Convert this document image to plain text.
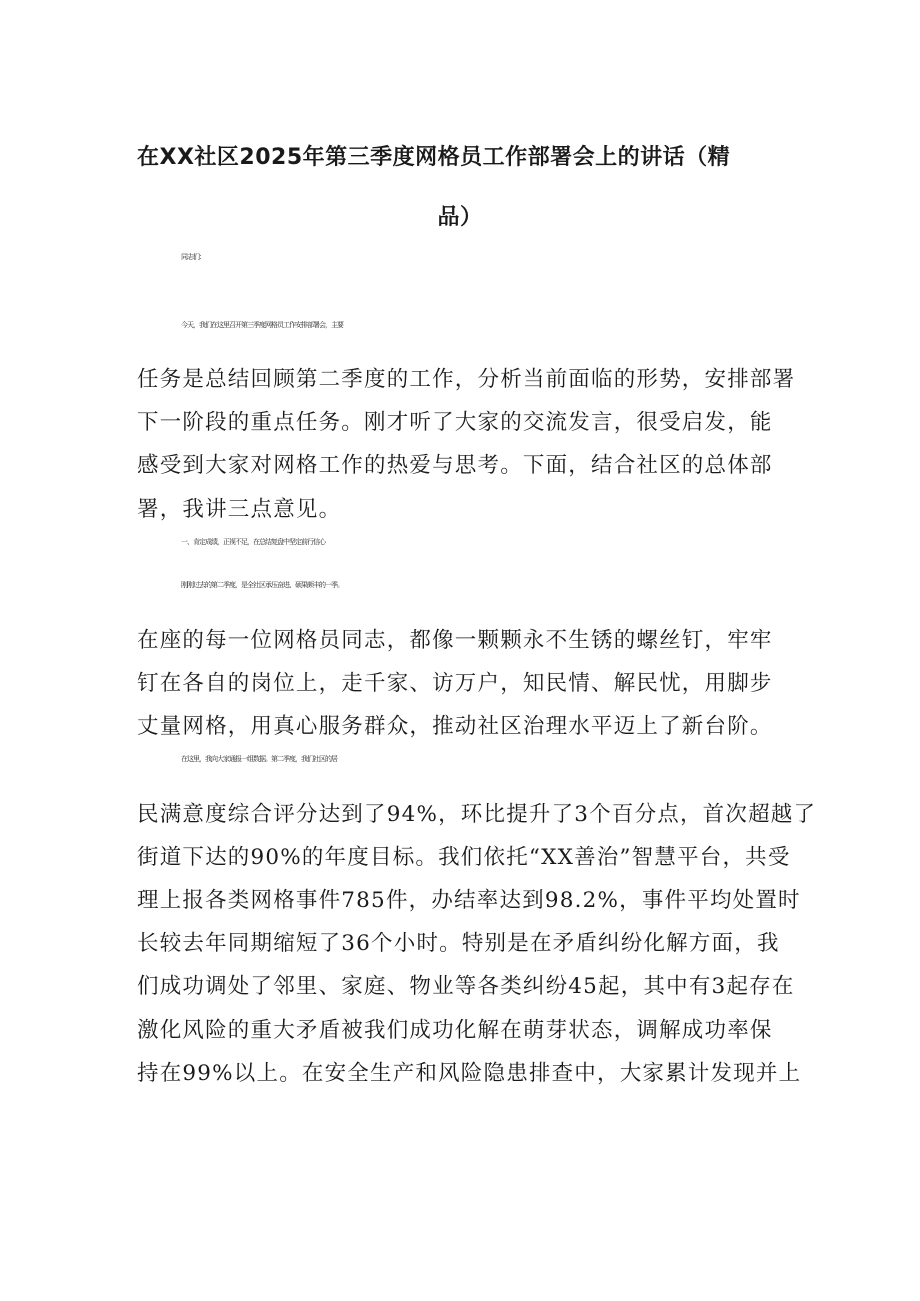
在XX社区2025年第三季度网格员工作部署会上的讲话（精
品）

同志们：

今天，我们在这里召开第三季度网格员工作安排部署会，主要

任务是总结回顾第二季度的工作，分析当前面临的形势，安排部署

下一阶段的重点任务。刚才听了大家的交流发言，很受启发，能

感受到大家对网格工作的热爱与思考。下面，结合社区的总体部

署，我讲三点意见。

一、肯定成绩，正视不足，在总结复盘中坚定前行信心

刚刚过去的第二季度，是全社区承压奋进、硕果颇丰的一季。

在座的每一位网格员同志，都像一颗颗永不生锈的螺丝钉，牢牢

钉在各自的岗位上，走千家、访万户，知民情、解民忧，用脚步

丈量网格，用真心服务群众，推动社区治理水平迈上了新台阶。

在这里，我向大家通报一组数据。第二季度，我们社区的居

民满意度综合评分达到了94%，环比提升了3个百分点，首次超越了

街道下达的90%的年度目标。我们依托“XX善治”智慧平台，共受

理上报各类网格事件785件，办结率达到98.2%，事件平均处置时

长较去年同期缩短了36个小时。特别是在矛盾纠纷化解方面，我

们成功调处了邻里、家庭、物业等各类纠纷45起，其中有3起存在

激化风险的重大矛盾被我们成功化解在萌芽状态，调解成功率保

持在99%以上。在安全生产和风险隐患排查中，大家累计发现并上
